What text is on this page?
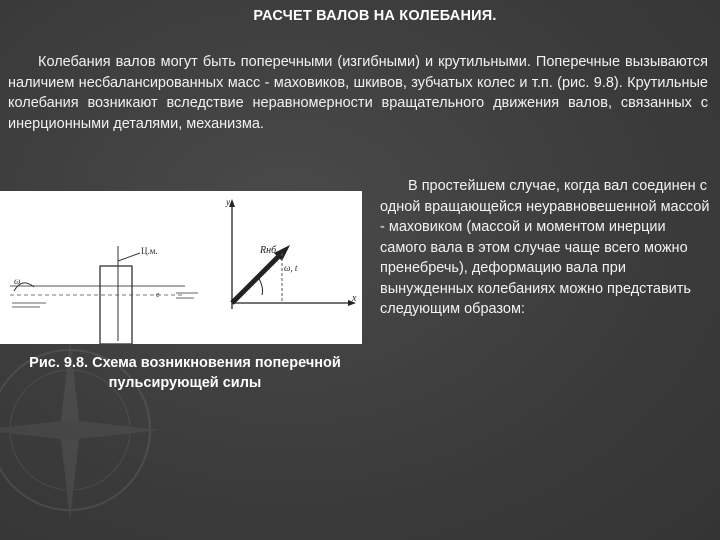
РАСЧЕТ ВАЛОВ НА КОЛЕБАНИЯ.

Колебания валов могут быть поперечными (изгибными) и крутильными. Поперечные вызываются наличием несбалансированных масс - маховиков, шкивов, зубчатых колес и т.п. (рис. 9.8). Крутильные колебания возникают вследствие неравномерности вращательного движения валов, связанных с инерционными деталями, механизма.

Ц.м.
ω
е
y
x
Rнб
ω, t

В простейшем случае, когда вал соединен с одной вращающейся неуравновешенной массой - маховиком (массой и моментом инерции самого вала в этом случае чаще всего можно пренебречь), деформацию вала при вынужденных колебаниях можно представить следующим образом:

Рис. 9.8. Схема возникновения поперечной пульсирующей силы
